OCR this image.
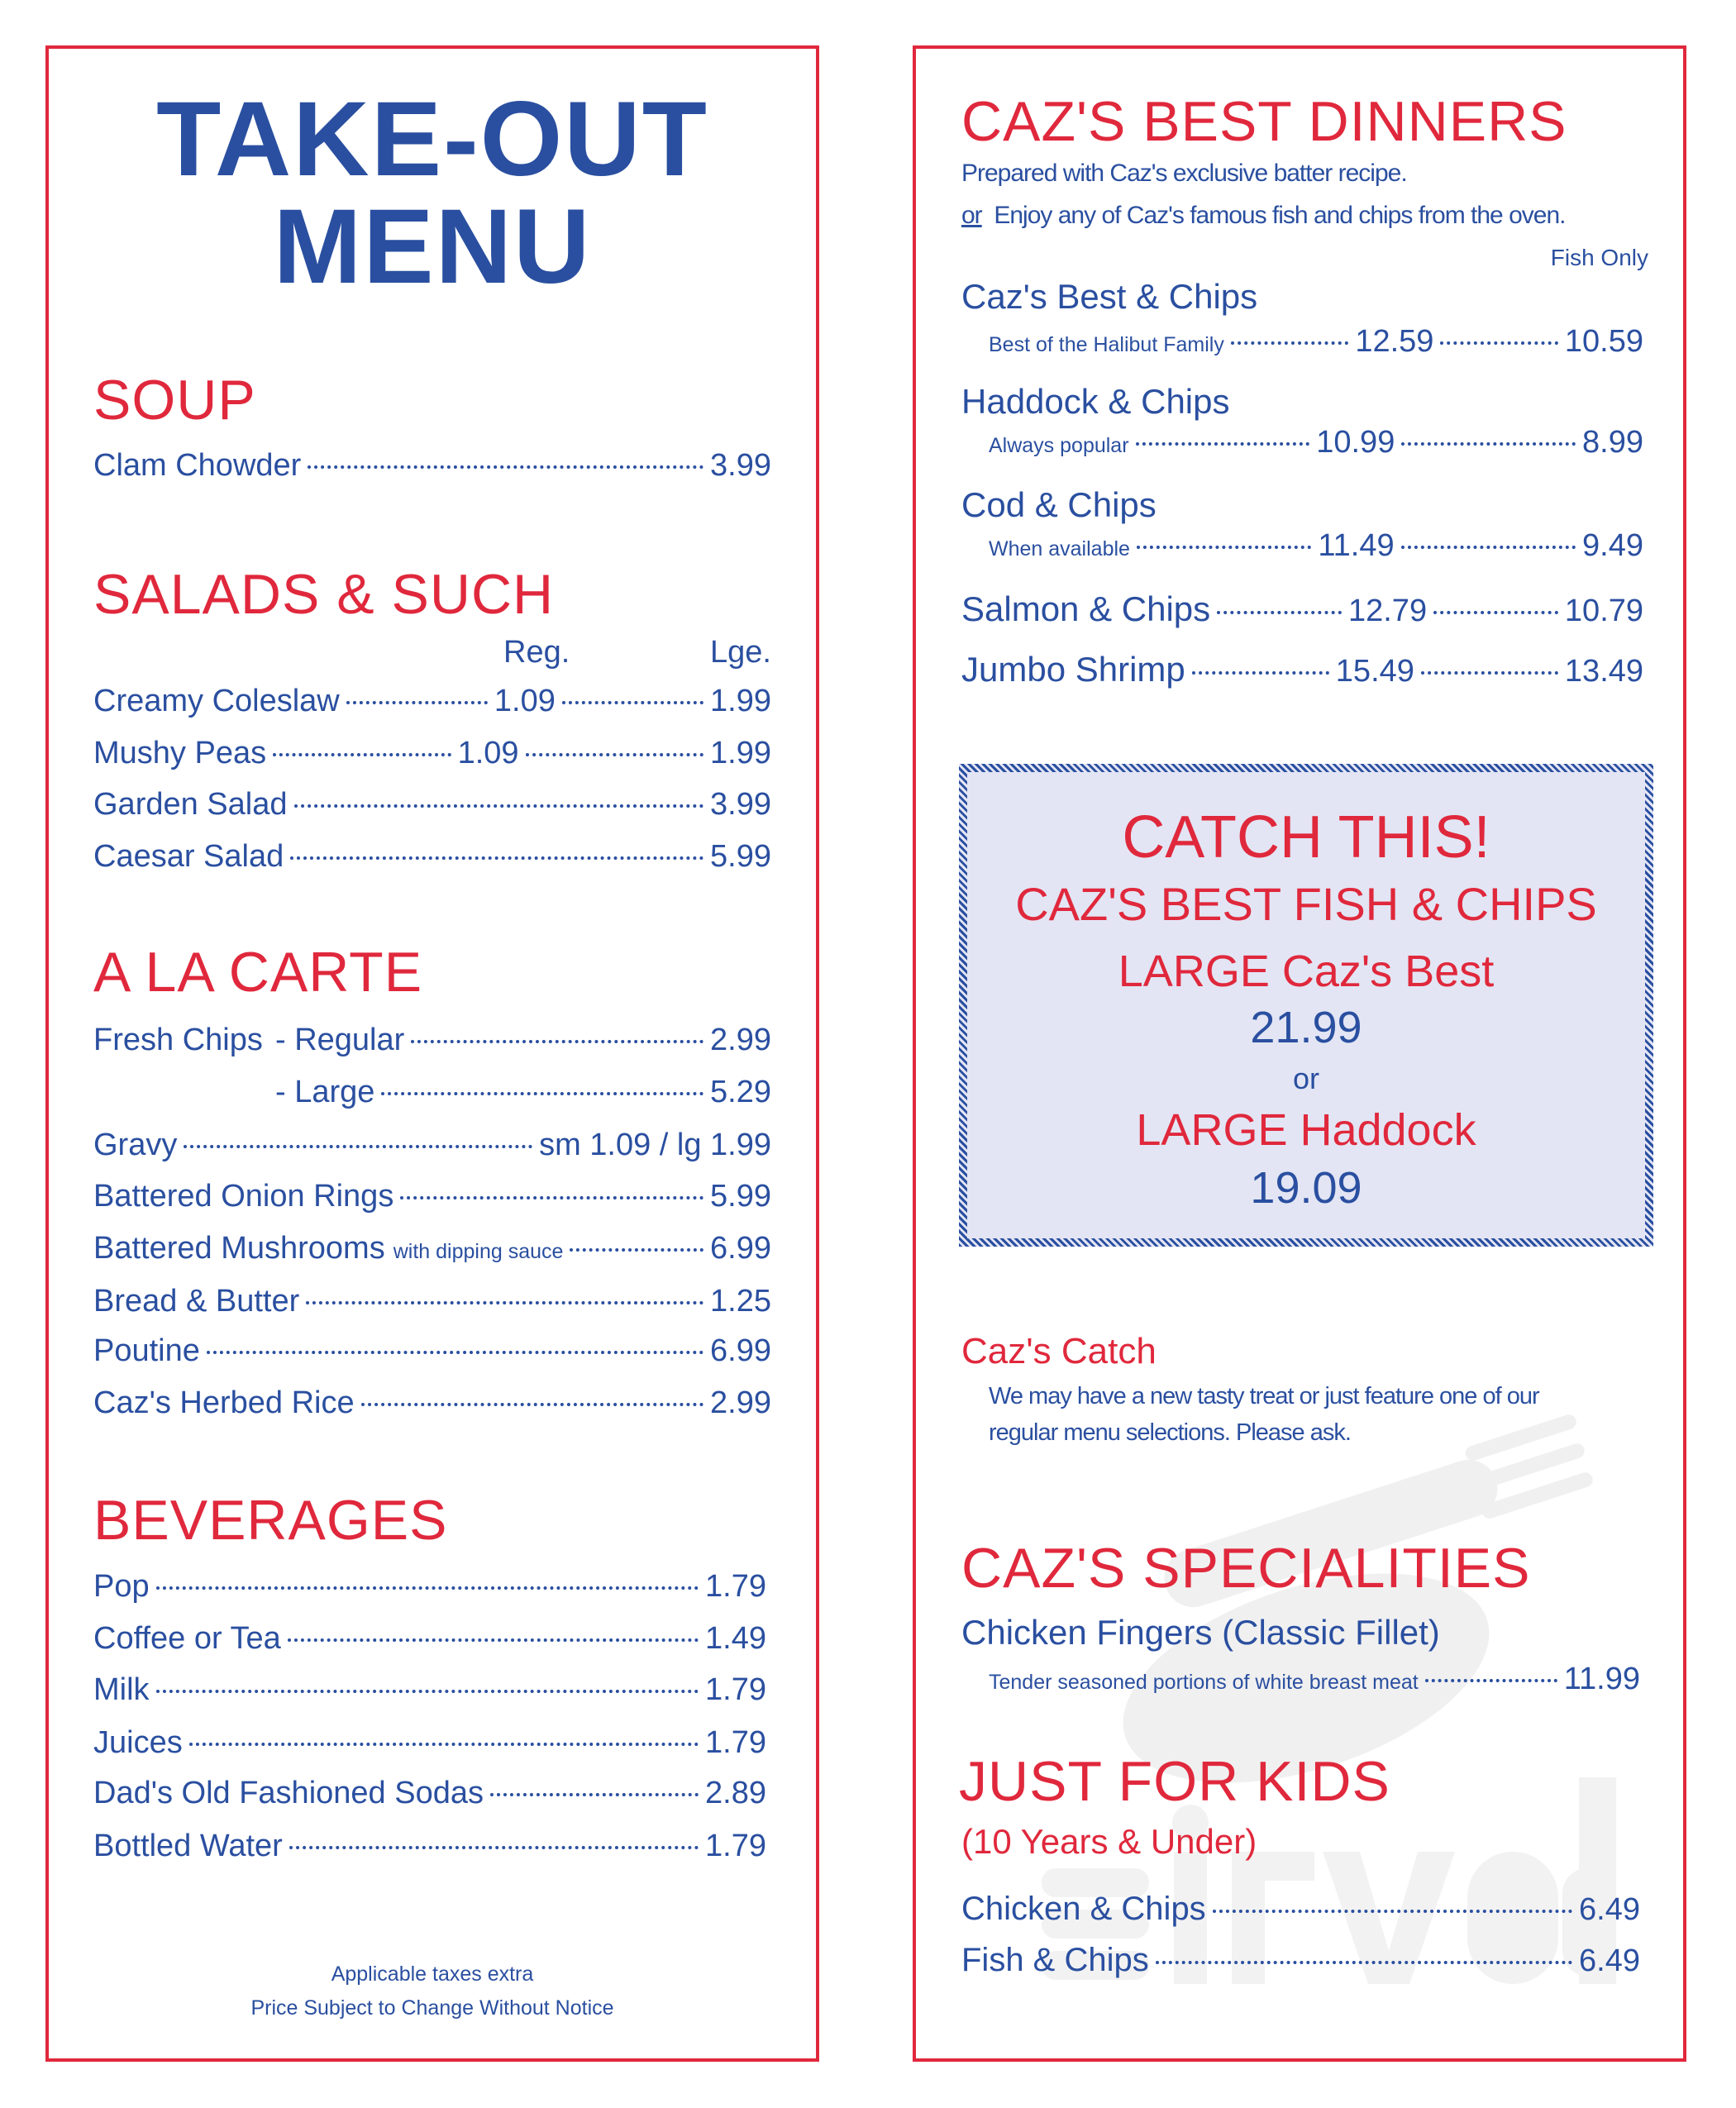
TAKE-OUT
MENU
SOUP
SALADS & SUCH
Reg.	Lge.
A LA CARTE
BEVERAGES
Applicable taxes extra
Price Subject to Change Without Notice
Clam Chowder	3.99
Creamy Coleslaw	1.09	1.99
Mushy Peas	1.09	1.99
Garden Salad	3.99
Caesar Salad	5.99
Fresh Chips - Regular	2.99
- Large	5.29
Gravy	sm 1.09 / lg 1.99
Battered Onion Rings	5.99
Battered Mushrooms with dipping sauce	6.99
Bread & Butter	1.25
Poutine	6.99
Caz's Herbed Rice	2.99
Pop	1.79
Coffee or Tea	1.49
Milk	1.79
Juices	1.79
Dad's Old Fashioned Sodas	2.89
Bottled Water	1.79
CAZ'S BEST DINNERS
Prepared with Caz's exclusive batter recipe.
or Enjoy any of Caz's famous fish and chips from the oven.
Fish Only
CATCH THIS!
CAZ'S BEST FISH & CHIPS
LARGE Caz's Best
21.99
or
LARGE Haddock
19.09
Caz's Catch
We may have a new tasty treat or just feature one of our
regular menu selections. Please ask.
CAZ'S SPECIALITIES
Chicken Fingers (Classic Fillet)
Tender seasoned portions of white breast meat	11.99
JUST FOR KIDS
(10 Years & Under)
Caz's Best & Chips
Best of the Halibut Family	12.59	10.59
Haddock & Chips
Always popular	10.99	8.99
Cod & Chips
When available	11.49	9.49
Salmon & Chips	12.79	10.79
Jumbo Shrimp	15.49	13.49
Chicken & Chips	6.49
Fish & Chips	6.49
